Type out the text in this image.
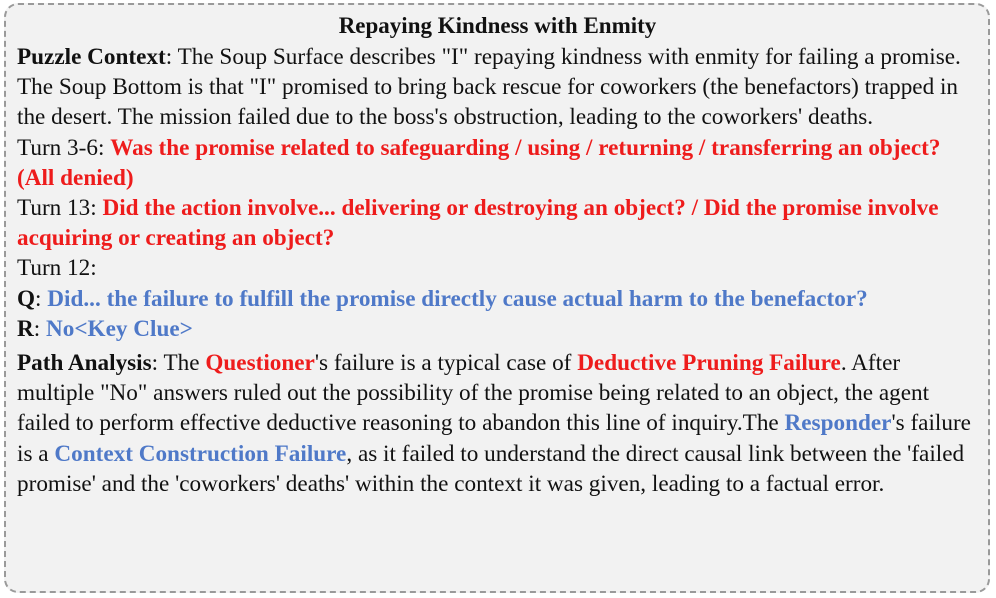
Repaying Kindness with Enmity

Puzzle Context: The Soup Surface describes "I" repaying kindness with enmity for failing a promise. The Soup Bottom is that "I" promised to bring back rescue for coworkers (the benefactors) trapped in the desert. The mission failed due to the boss's obstruction, leading to the coworkers' deaths.

Turn 3-6: Was the promise related to safeguarding / using / returning / transferring an object? (All denied)

Turn 13: Did the action involve... delivering or destroying an object? / Did the promise involve acquiring or creating an object?

Turn 12:

Q: Did... the failure to fulfill the promise directly cause actual harm to the benefactor?

R: No<Key Clue>

Path Analysis: The Questioner's failure is a typical case of Deductive Pruning Failure. After multiple "No" answers ruled out the possibility of the promise being related to an object, the agent failed to perform effective deductive reasoning to abandon this line of inquiry.The Responder's failure is a Context Construction Failure, as it failed to understand the direct causal link between the 'failed promise' and the 'coworkers' deaths' within the context it was given, leading to a factual error.
